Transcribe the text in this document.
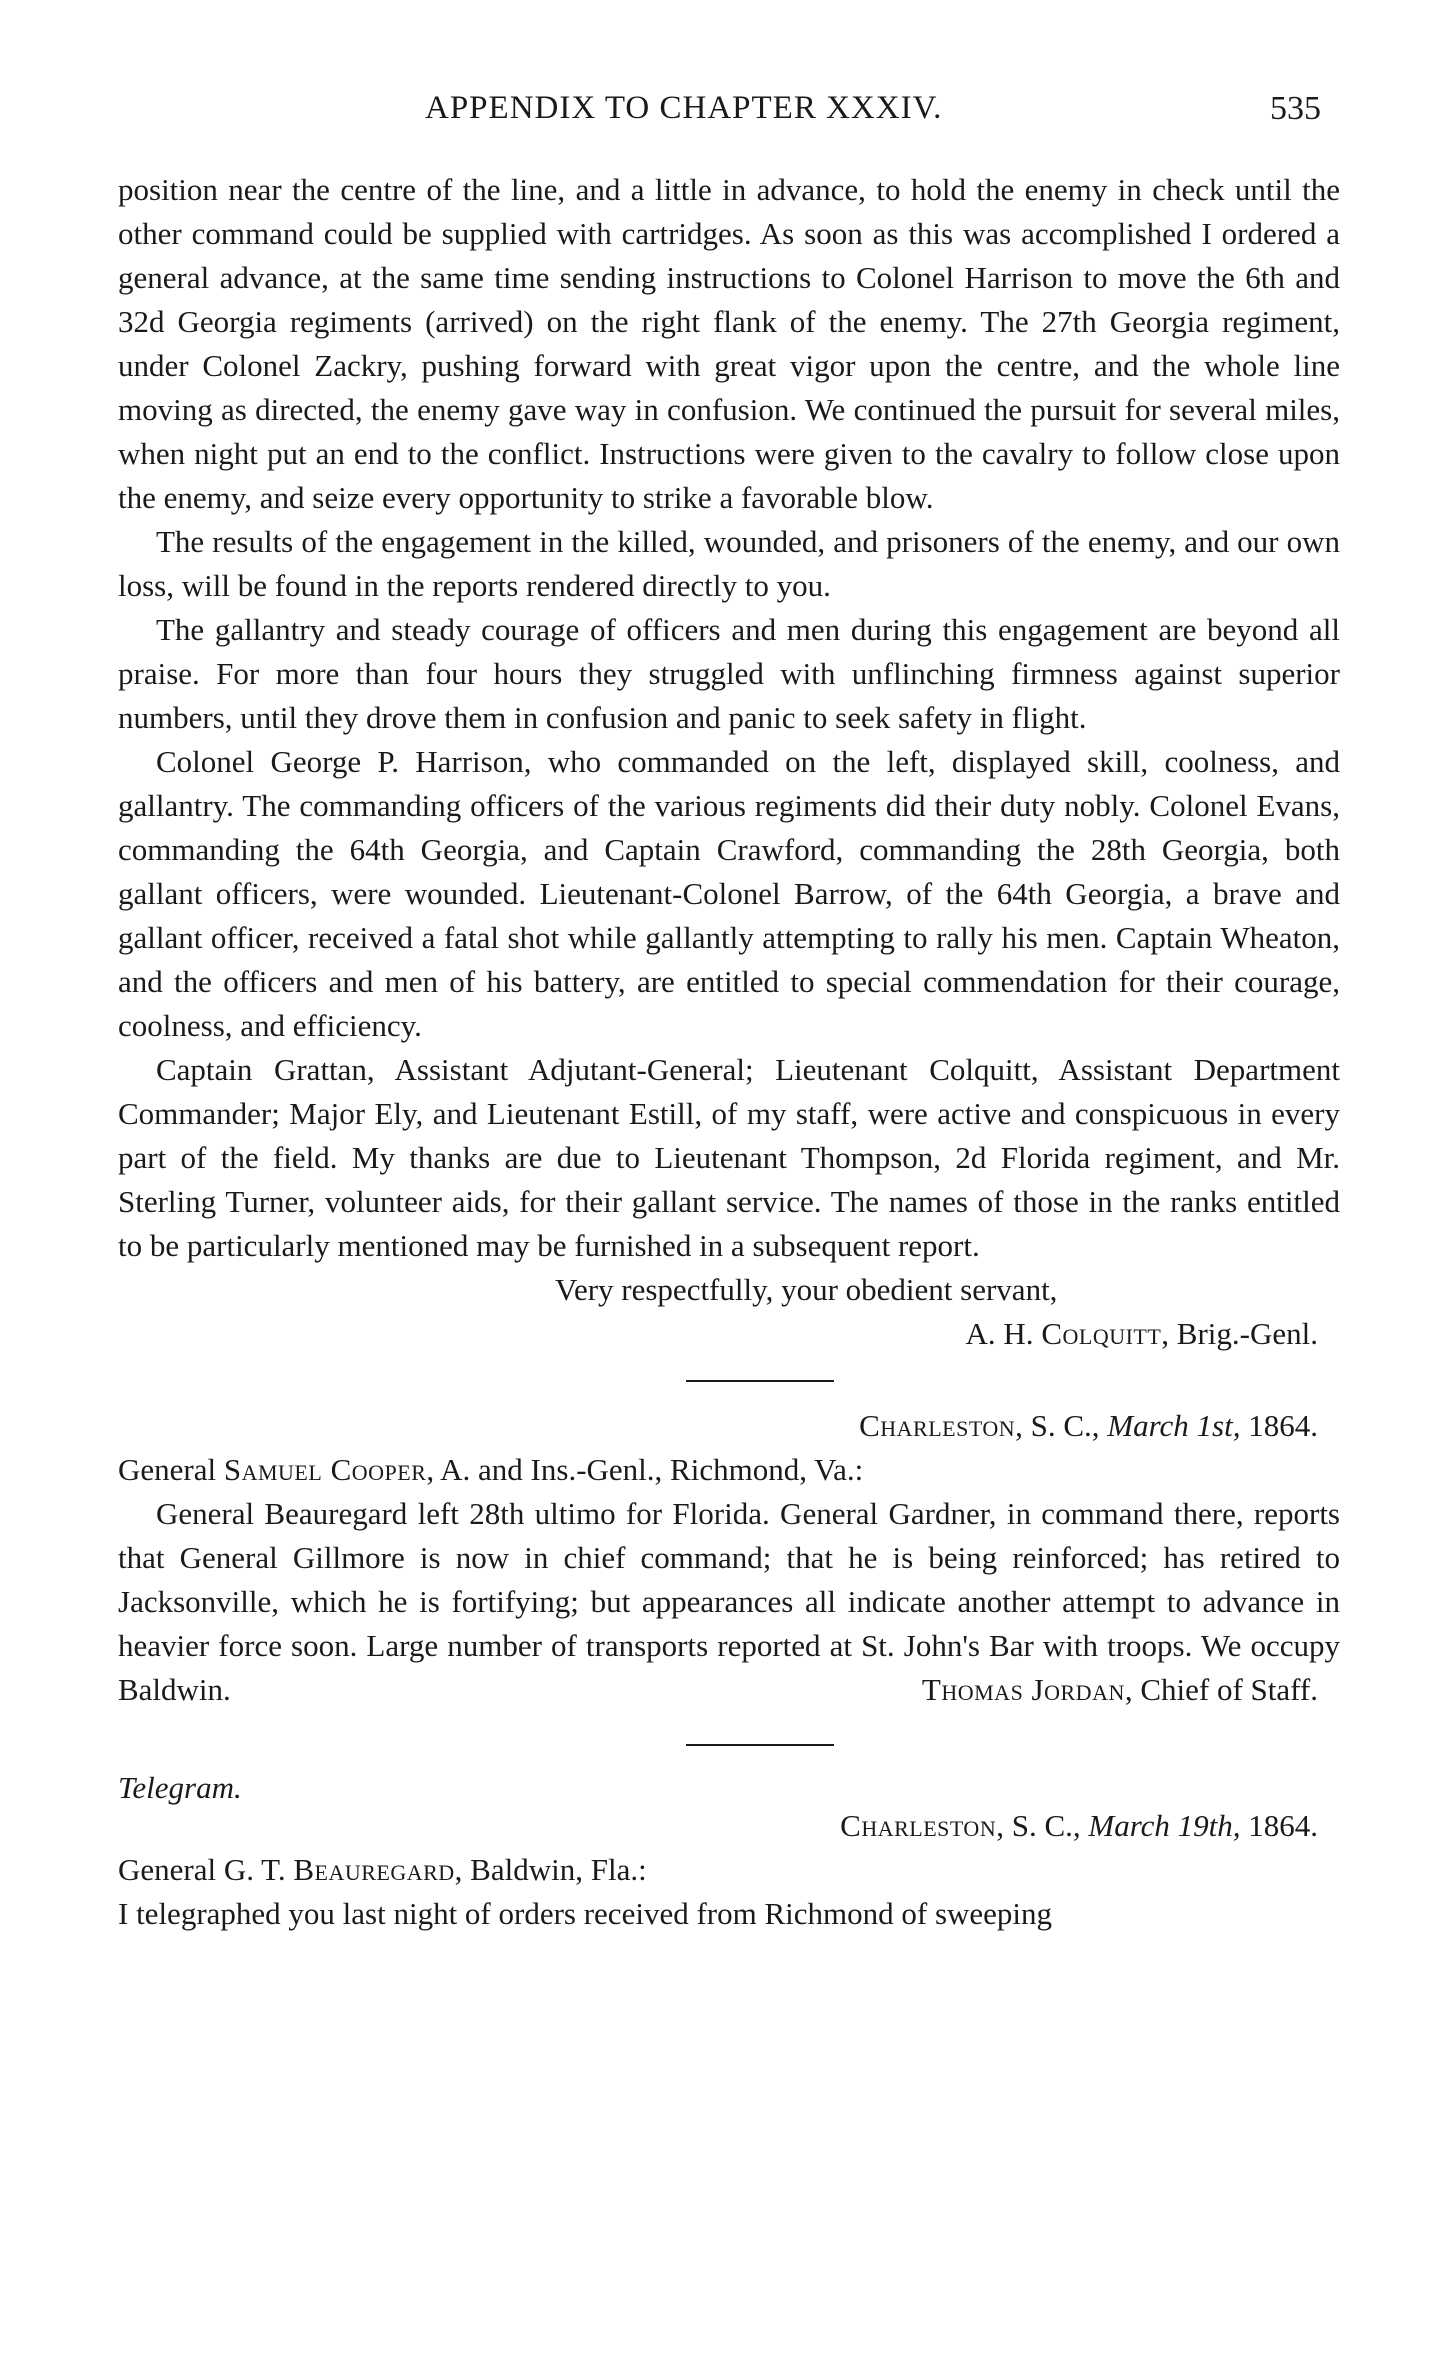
APPENDIX TO CHAPTER XXXIV.	535

position near the centre of the line, and a little in advance, to hold the enemy in check until the other command could be supplied with cartridges. As soon as this was accomplished I ordered a general advance, at the same time sending instructions to Colonel Harrison to move the 6th and 32d Georgia regiments (arrived) on the right flank of the enemy. The 27th Georgia regiment, under Colonel Zackry, pushing forward with great vigor upon the centre, and the whole line moving as directed, the enemy gave way in confusion. We continued the pursuit for several miles, when night put an end to the conflict. Instructions were given to the cavalry to follow close upon the enemy, and seize every opportunity to strike a favorable blow.

The results of the engagement in the killed, wounded, and prisoners of the enemy, and our own loss, will be found in the reports rendered directly to you.

The gallantry and steady courage of officers and men during this engagement are beyond all praise. For more than four hours they struggled with unflinching firmness against superior numbers, until they drove them in confusion and panic to seek safety in flight.

Colonel George P. Harrison, who commanded on the left, displayed skill, coolness, and gallantry. The commanding officers of the various regiments did their duty nobly. Colonel Evans, commanding the 64th Georgia, and Captain Crawford, commanding the 28th Georgia, both gallant officers, were wounded. Lieutenant-Colonel Barrow, of the 64th Georgia, a brave and gallant officer, received a fatal shot while gallantly attempting to rally his men. Captain Wheaton, and the officers and men of his battery, are entitled to special commendation for their courage, coolness, and efficiency.

Captain Grattan, Assistant Adjutant-General; Lieutenant Colquitt, Assistant Department Commander; Major Ely, and Lieutenant Estill, of my staff, were active and conspicuous in every part of the field. My thanks are due to Lieutenant Thompson, 2d Florida regiment, and Mr. Sterling Turner, volunteer aids, for their gallant service. The names of those in the ranks entitled to be particularly mentioned may be furnished in a subsequent report.

Very respectfully, your obedient servant,

A. H. Colquitt, Brig.-Genl.

Charleston, S. C., March 1st, 1864.

General Samuel Cooper, A. and Ins.-Genl., Richmond, Va.:

General Beauregard left 28th ultimo for Florida. General Gardner, in command there, reports that General Gillmore is now in chief command; that he is being reinforced; has retired to Jacksonville, which he is fortifying; but appearances all indicate another attempt to advance in heavier force soon. Large number of transports reported at St. John's Bar with troops. We occupy Baldwin.	Thomas Jordan, Chief of Staff.

Telegram.

Charleston, S. C., March 19th, 1864.

General G. T. Beauregard, Baldwin, Fla.:

I telegraphed you last night of orders received from Richmond of sweeping
